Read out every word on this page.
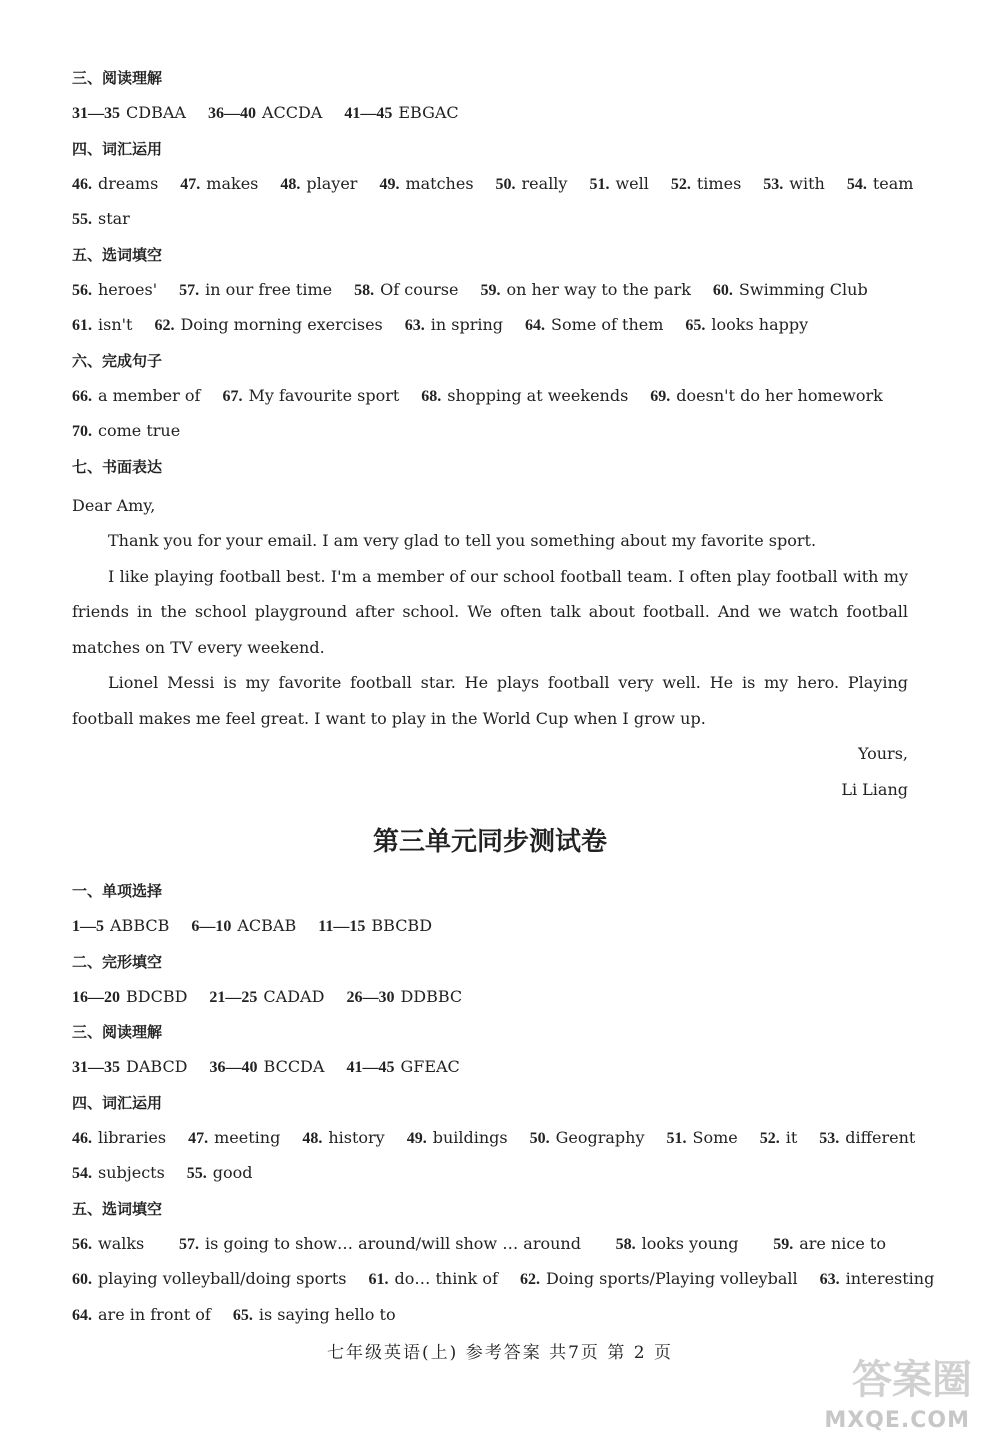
三、阅读理解
31—35 CDBAA 36—40 ACCDA 41—45 EBGAC
四、词汇运用
46. dreams 47. makes 48. player 49. matches 50. really 51. well 52. times 53. with 54. team
55. star
五、选词填空
56. heroes' 57. in our free time 58. Of course 59. on her way to the park 60. Swimming Club
61. isn't 62. Doing morning exercises 63. in spring 64. Some of them 65. looks happy
六、完成句子
66. a member of 67. My favourite sport 68. shopping at weekends 69. doesn't do her homework
70. come true
七、书面表达
Dear Amy,
Thank you for your email. I am very glad to tell you something about my favorite sport.
I like playing football best. I'm a member of our school football team. I often play football with my friends in the school playground after school. We often talk about football. And we watch football matches on TV every weekend.
Lionel Messi is my favorite football star. He plays football very well. He is my hero. Playing football makes me feel great. I want to play in the World Cup when I grow up.
Yours,
Li Liang
第三单元同步测试卷
一、单项选择
1—5 ABBCB 6—10 ACBAB 11—15 BBCBD
二、完形填空
16—20 BDCBD 21—25 CADAD 26—30 DDBBC
三、阅读理解
31—35 DABCD 36—40 BCCDA 41—45 GFEAC
四、词汇运用
46. libraries 47. meeting 48. history 49. buildings 50. Geography 51. Some 52. it 53. different
54. subjects 55. good
五、选词填空
56. walks 57. is going to show… around/will show … around 58. looks young 59. are nice to
60. playing volleyball/doing sports 61. do… think of 62. Doing sports/Playing volleyball 63. interesting
64. are in front of 65. is saying hello to
七年级英语(上) 参考答案 共7页 第 2 页
答案圈
MXQE.COM
